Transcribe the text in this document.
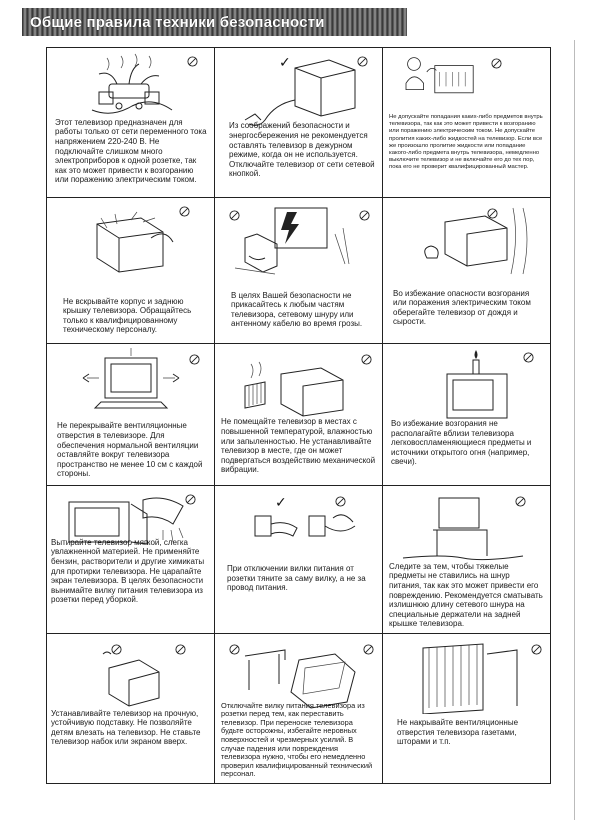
Общие правила техники безопасности
Этот телевизор предназначен для работы только от сети переменного тока напряжением 220-240 В. Не подключайте слишком много электроприборов к одной розетке, так как это может привести к возгоранию или поражению электрическим током.
✓
Из соображений безопасности и энергосбережения не рекомендуется оставлять телевизор в дежурном режиме, когда он не используется. Отключайте телевизор от сети сетевой кнопкой.
Не допускайте попадания каких-либо предметов внутрь телевизора, так как это может привести к возгоранию или поражению электрическим током. Не допускайте пролития каких-либо жидкостей на телевизор. Если все же произошло пролитие жидкости или попадание какого-либо предмета внутрь телевизора, немедленно выключите телевизор и не включайте его до тех пор, пока его не проверит квалифицированный мастер.
Не вскрывайте корпус и заднюю крышку телевизора. Обращайтесь только к квалифицированному техническому персоналу.
В целях Вашей безопасности не прикасайтесь к любым частям телевизора, сетевому шнуру или антенному кабелю во время грозы.
Во избежание опасности возгорания или поражения электрическим током оберегайте телевизор от дождя и сырости.
Не перекрывайте вентиляционные отверстия в телевизоре. Для обеспечения нормальной вентиляции оставляйте вокруг телевизора пространство не менее 10 см с каждой стороны.
Не помещайте телевизор в местах с повышенной температурой, влажностью или запыленностью. Не устанавливайте телевизор в месте, где он может подвергаться воздействию механической вибрации.
Во избежание возгорания не располагайте вблизи телевизора легковоспламеняющиеся предметы и источники открытого огня (например, свечи).
Вытирайте телевизор мягкой, слегка увлажненной материей. Не применяйте бензин, растворители и другие химикаты для протирки телевизора. Не царапайте экран телевизора. В целях безопасности вынимайте вилку питания телевизора из розетки перед уборкой.
✓
При отключении вилки питания от розетки тяните за саму вилку, а не за провод питания.
Следите за тем, чтобы тяжелые предметы не ставились на шнур питания, так как это может привести его повреждению. Рекомендуется сматывать излишнюю длину сетевого шнура на специальные держатели на задней крышке телевизора.
Устанавливайте телевизор на прочную, устойчивую подставку. Не позволяйте детям влезать на телевизор. Не ставьте телевизор набок или экраном вверх.
Отключайте вилку питания телевизора из розетки перед тем, как переставить телевизор. При переноске телевизора будьте осторожны, избегайте неровных поверхностей и чрезмерных усилий. В случае падения или повреждения телевизора нужно, чтобы его немедленно проверил квалифицированный технический персонал.
Не накрывайте вентиляционные отверстия телевизора газетами, шторами и т.п.
